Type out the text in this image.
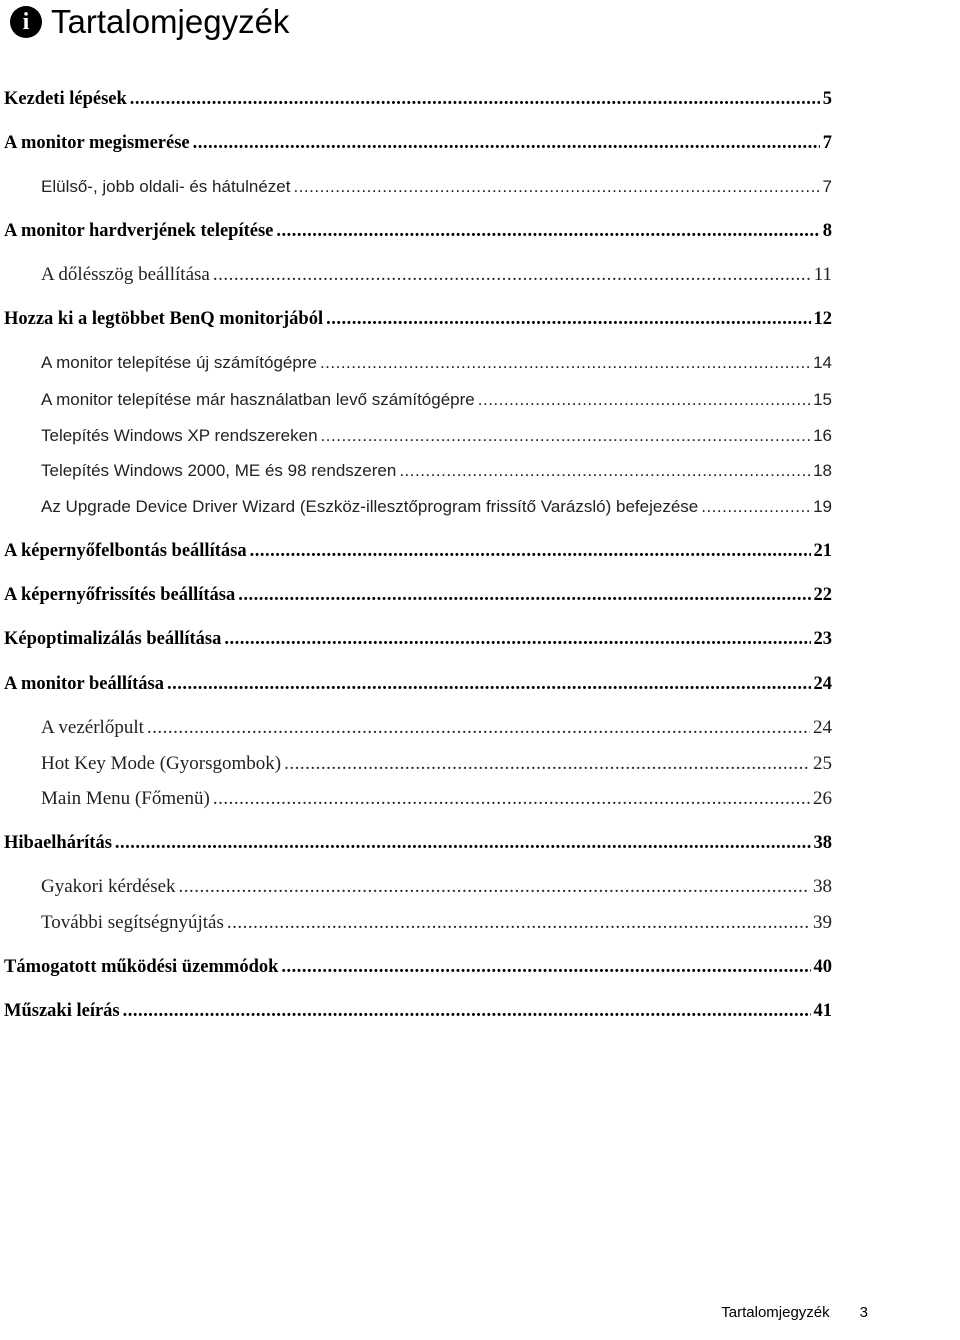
i Tartalomjegyzék
Kezdeti lépések .....	5
A monitor megismerése .....	7
Elülső-, jobb oldali- és hátulnézet .....	7
A monitor hardverjének telepítése .....	8
A dőlésszög beállítása .....	11
Hozza ki a legtöbbet BenQ monitorjából .....	12
A monitor telepítése új számítógépre .....	14
A monitor telepítése már használatban levő számítógépre .....	15
Telepítés Windows XP rendszereken .....	16
Telepítés Windows 2000, ME és 98 rendszeren .....	18
Az Upgrade Device Driver Wizard (Eszköz-illesztőprogram frissítő Varázsló) befejezése .....	19
A képernyőfelbontás beállítása .....	21
A képernyőfrissítés beállítása .....	22
Képoptimalizálás beállítása .....	23
A monitor beállítása .....	24
A vezérlőpult .....	24
Hot Key Mode (Gyorsgombok) .....	25
Main Menu (Főmenü) .....	26
Hibaelhárítás .....	38
Gyakori kérdések .....	38
További segítségnyújtás .....	39
Támogatott működési üzemmódok .....	40
Műszaki leírás .....	41
Tartalomjegyzék 3
